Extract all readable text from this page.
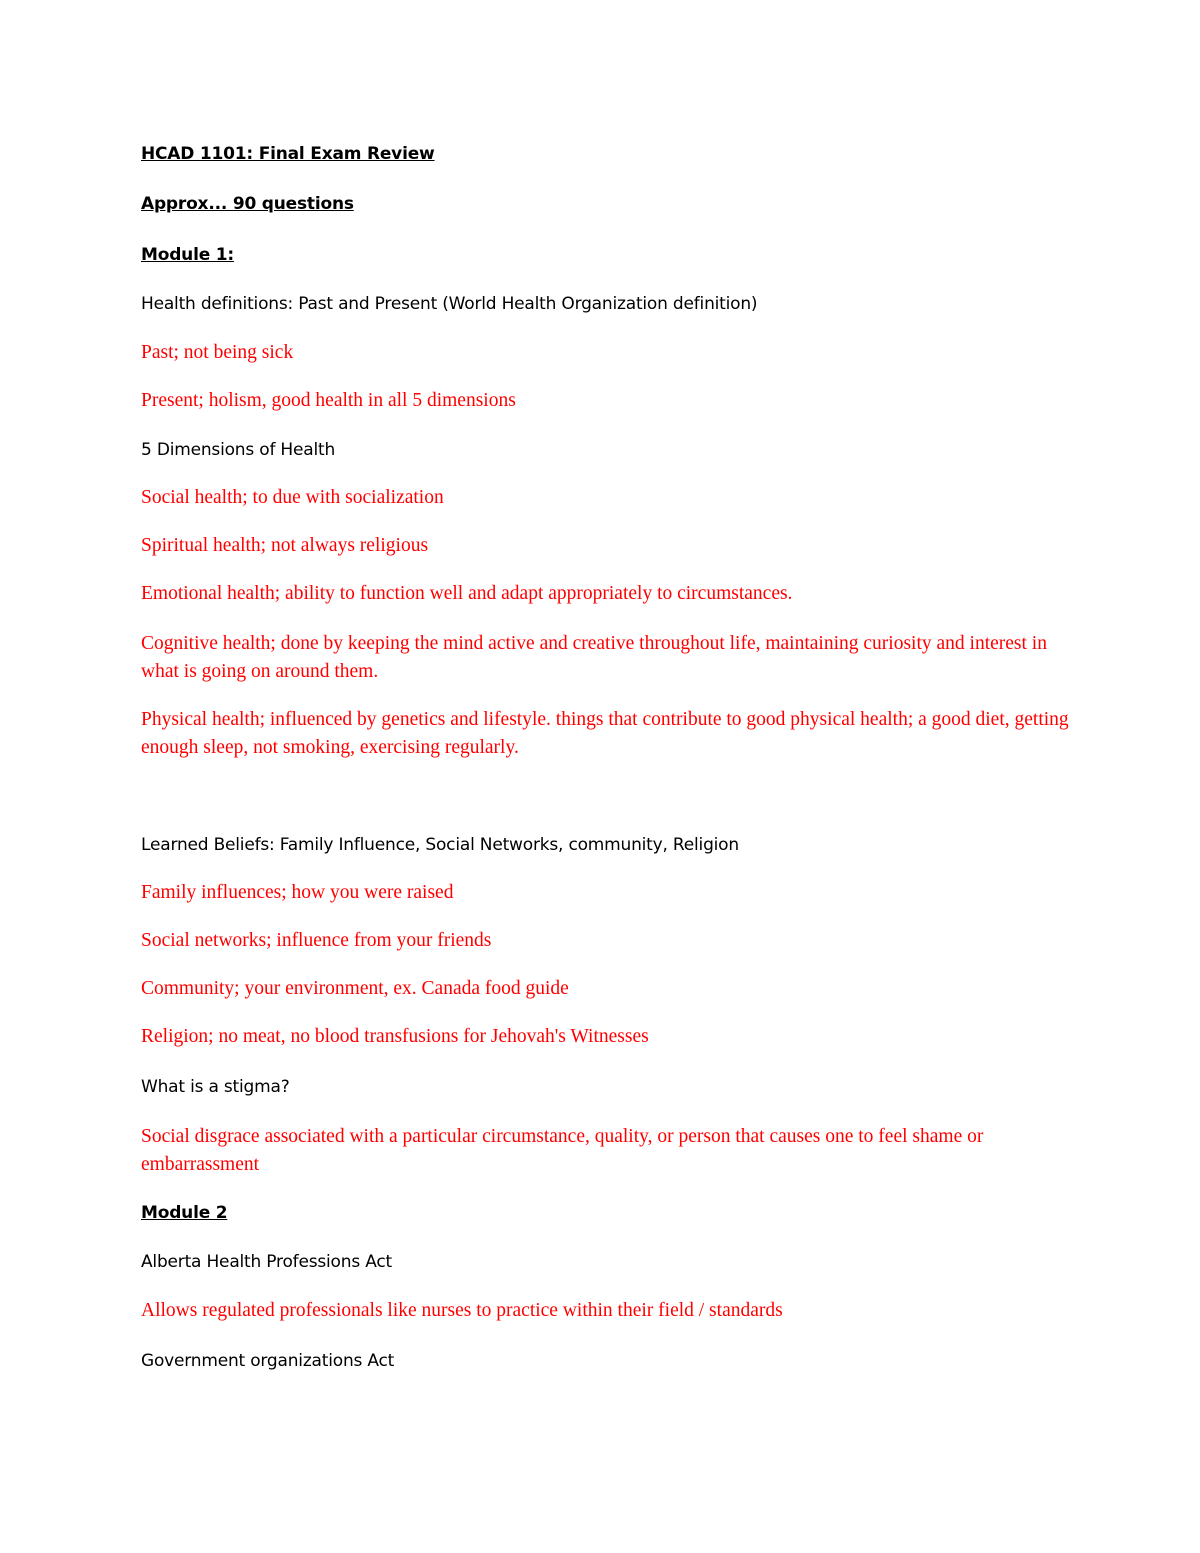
HCAD 1101: Final Exam Review

Approx... 90 questions

Module 1:

Health definitions: Past and Present (World Health Organization definition)

Past; not being sick

Present; holism, good health in all 5 dimensions

5 Dimensions of Health

Social health; to due with socialization

Spiritual health; not always religious

Emotional health; ability to function well and adapt appropriately to circumstances.

Cognitive health; done by keeping the mind active and creative throughout life, maintaining curiosity and interest in what is going on around them.

Physical health; influenced by genetics and lifestyle. things that contribute to good physical health; a good diet, getting enough sleep, not smoking, exercising regularly.

Learned Beliefs: Family Influence, Social Networks, community, Religion

Family influences; how you were raised

Social networks; influence from your friends

Community; your environment, ex. Canada food guide

Religion; no meat, no blood transfusions for Jehovah's Witnesses

What is a stigma?

Social disgrace associated with a particular circumstance, quality, or person that causes one to feel shame or embarrassment

Module 2

Alberta Health Professions Act

Allows regulated professionals like nurses to practice within their field / standards

Government organizations Act
